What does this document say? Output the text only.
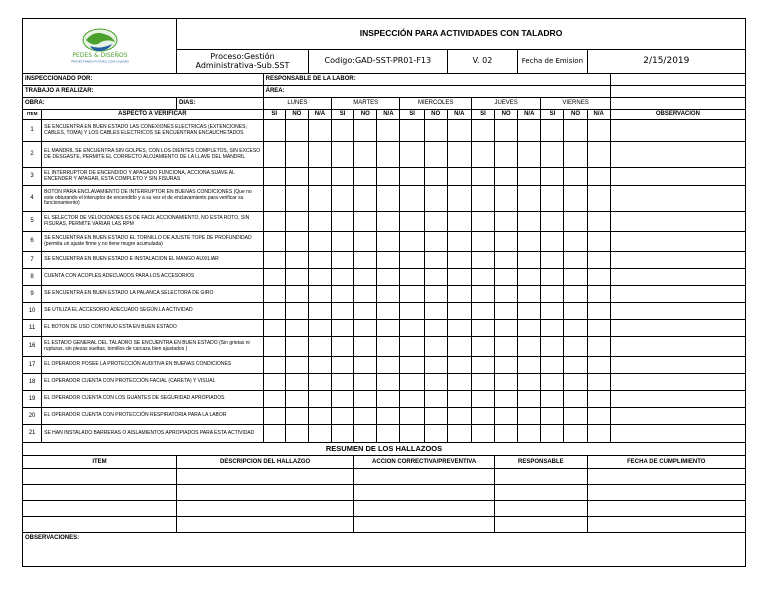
PEDES & DISEÑOS
PROYECTANDO FUTURO CON CALIDAD		INSPECCIÓN PARA ACTIVIDADES CON TALADRO																
		Proceso:Gestión Administrativa-Sub.SST			Codigo:GAD-SST-PR01-F13						V. 02			Fecha de Emision			2/15/2019	
INSPECCIONADO POR:			RESPONSABLE DE LA LABOR:															
TRABAJO A REALIZAR:			ÁREA:															
OBRA:		DIAS:	LUNES			MARTES			MIERCOLES			JUEVES			VIERNES			
ITEM	ASPECTO A VERIFICAR		SI	NO	N/A	SI	NO	N/A	SI	NO	N/A	SI	NO	N/A	SI	NO	N/A	OBSERVACIÓN
1	SE ENCUENTRA EN BUEN ESTADO LAS CONEXIONES ELECTRICAS (EXTENCIONES, CABLES, TOMA) Y LOS CABLES ELECTRICOS SE ENCUENTRAN ENCAUCHETADOS																	
2	EL MANDRIL SE ENCUENTRA SIN GOLPES, CON LOS DIENTES COMPLETOS, SIN EXCESO DE DESGASTE, PERMITE EL CORRECTO ALOJAMIENTO DE LA LLAVE DEL MANDRIL																	
3	EL INTERRUPTOR DE ENCENDIDO Y APAGADO FUNCIONA, ACCIONA SUAVE AL ENCENDER Y APAGAR, ESTA COMPLETO Y SIN FISURAS																	
4	BOTON PARA ENCLAVAMIENTO DE INTERRUPTOR EN BUENAS CONDICIONES (Que no este obturando el interuptor de encendido y a su vez el de enclavamiento para verificar su funcionamiento)																	
5	EL SELECTOR DE VELOCIDADES ES DE FACIL ACCIONAMIENTO, NO ESTA ROTO, SIN FISURAS, PERMITE VARIAR LAS RPM																	
6	SE ENCUENTRA EN BUEN ESTADO EL TORNILLO DE AJUSTE TOPE DE PROFUNDIDAD (permita un ajuste firme y no tiene mugre acumulada)																	
7	SE ENCUENTRA EN BUEN ESTADO E INSTALACION EL MANGO AUXILIAR																	
8	CUENTA CON ACOPLES ADECUADOS PARA LOS ACCESORIOS																	
9	SE ENCUENTRA EN BUEN ESTADO LA PALANCA SELECTORA DE GIRO																	
10	SE UTILIZA EL ACCESORIO ADECUADO SEGÚN LA ACTIVIDAD																	
11	EL BOTON DE USO CONTINUO ESTA EN BUEN ESTADO																	
16	EL ESTADO GENERAL DEL TALADRO SE ENCUENTRA EN BUEN ESTADO (Sin grietas ni rupturas, sin piezas sueltas, tornillos de carcaza bien ajustados )																	
17	EL OPERADOR POSEE LA PROTECCIÓN AUDITIVA EN BUENAS CONDICIONES																	
18	EL OPERADOR CUENTA CON PROTECCIÓN FACIAL (CARETA) Y VISUAL																	
19	EL OPERADOR CUENTA CON LOS GUANTES DE SEGURIDAD APROPIADOS																	
20	EL OPERADOR CUENTA CON PROTECCIÓN RESPIRATORIA PARA LA LABOR																	
21	SE HAN INSTALADO BARRERAS O AISLAMIENTOS APROPIADOS PARA ESTA ACTIVIDAD																	
RESUMEN DE LOS HALLAZOOS																		
ITEM		DESCRIPCION DEL HALLAZGO					ACCION CORRECTIVA/PREVENTIVA						RESPONSABLE				FECHA DE CUMPLIMIENTO	

OBSERVACIONES:																		
